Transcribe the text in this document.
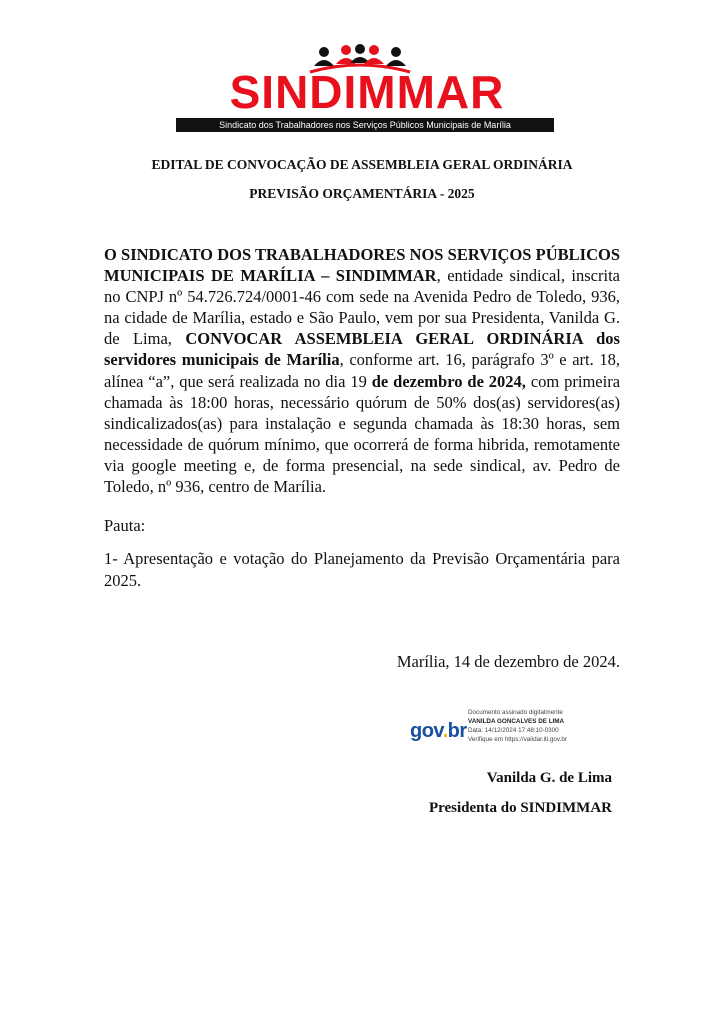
SINDIMMAR
Sindicato dos Trabalhadores nos Serviços Públicos Municipais de Marília
EDITAL DE CONVOCAÇÃO DE ASSEMBLEIA GERAL ORDINÁRIA
PREVISÃO ORÇAMENTÁRIA - 2025

O SINDICATO DOS TRABALHADORES NOS SERVIÇOS PÚBLICOS MUNICIPAIS DE MARÍLIA – SINDIMMAR, entidade sindical, inscrita no CNPJ nº 54.726.724/0001-46 com sede na Avenida Pedro de Toledo, 936, na cidade de Marília, estado e São Paulo, vem por sua Presidenta, Vanilda G. de Lima, CONVOCAR ASSEMBLEIA GERAL ORDINÁRIA dos servidores municipais de Marília, conforme art. 16, parágrafo 3º e art. 18, alínea “a”, que será realizada no dia 19 de dezembro de 2024, com primeira chamada às 18:00 horas, necessário quórum de 50% dos(as) servidores(as) sindicalizados(as) para instalação e segunda chamada às 18:30 horas, sem necessidade de quórum mínimo, que ocorrerá de forma hibrida, remotamente via google meeting e, de forma presencial, na sede sindical, av. Pedro de Toledo, nº 936, centro de Marília.

Pauta:

1- Apresentação e votação do Planejamento da Previsão Orçamentária para 2025.

Marília, 14 de dezembro de 2024.
gov.br
Documento assinado digitalmente
VANILDA GONCALVES DE LIMA
Data: 14/12/2024 17:48:10-0300
Verifique em https://validar.iti.gov.br
Vanilda G. de Lima
Presidenta do SINDIMMAR
